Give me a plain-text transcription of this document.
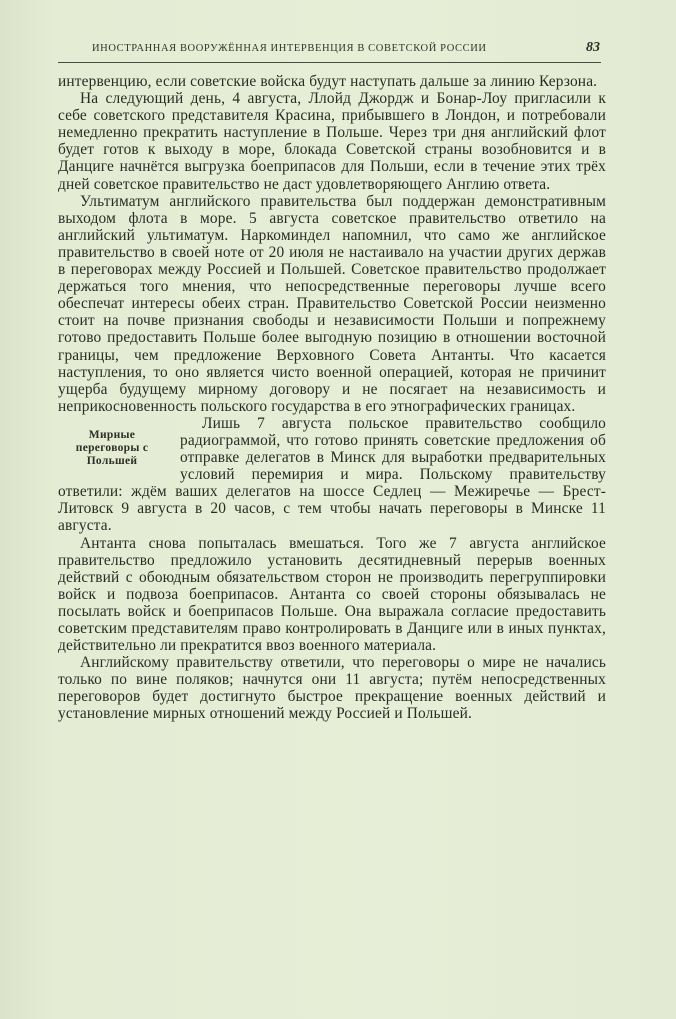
ИНОСТРАННАЯ ВООРУЖЁННАЯ ИНТЕРВЕНЦИЯ В СОВЕТСКОЙ РОССИИ	83

интервенцию, если советские войска будут наступать дальше за линию Керзона.

На следующий день, 4 августа, Ллойд Джордж и Бонар-Лоу пригласили к себе советского представителя Красина, прибывшего в Лондон, и потребовали немедленно прекратить наступление в Польше. Через три дня английский флот будет готов к выходу в море, блокада Советской страны возобновится и в Данциге начнётся выгрузка боеприпасов для Польши, если в течение этих трёх дней советское правительство не даст удовлетворяющего Англию ответа.

Ультиматум английского правительства был поддержан демонстративным выходом флота в море. 5 августа советское правительство ответило на английский ультиматум. Наркоминдел напомнил, что само же английское правительство в своей ноте от 20 июля не настаивало на участии других держав в переговорах между Россией и Польшей. Советское правительство продолжает держаться того мнения, что непосредственные переговоры лучше всего обеспечат интересы обеих стран. Правительство Советской России неизменно стоит на почве признания свободы и независимости Польши и попрежнему готово предоставить Польше более выгодную позицию в отношении восточной границы, чем предложение Верховного Совета Антанты. Что касается наступления, то оно является чисто военной операцией, которая не причинит ущерба будущему мирному договору и не посягает на независимость и неприкосновенность польского государства в его этнографических границах.

Мирные переговоры с Польшей

Лишь 7 августа польское правительство сообщило радиограммой, что готово принять советские предложения об отправке делегатов в Минск для выработки предварительных условий перемирия и мира. Польскому правительству ответили: ждём ваших делегатов на шоссе Седлец — Межиречье — Брест-Литовск 9 августа в 20 часов, с тем чтобы начать переговоры в Минске 11 августа.

Антанта снова попыталась вмешаться. Того же 7 августа английское правительство предложило установить десятидневный перерыв военных действий с обоюдным обязательством сторон не производить перегруппировки войск и подвоза боеприпасов. Антанта со своей стороны обязывалась не посылать войск и боеприпасов Польше. Она выражала согласие предоставить советским представителям право контролировать в Данциге или в иных пунктах, действительно ли прекратится ввоз военного материала.

Английскому правительству ответили, что переговоры о мире не начались только по вине поляков; начнутся они 11 августа; путём непосредственных переговоров будет достигнуто быстрое прекращение военных действий и установление мирных отношений между Россией и Польшей.
